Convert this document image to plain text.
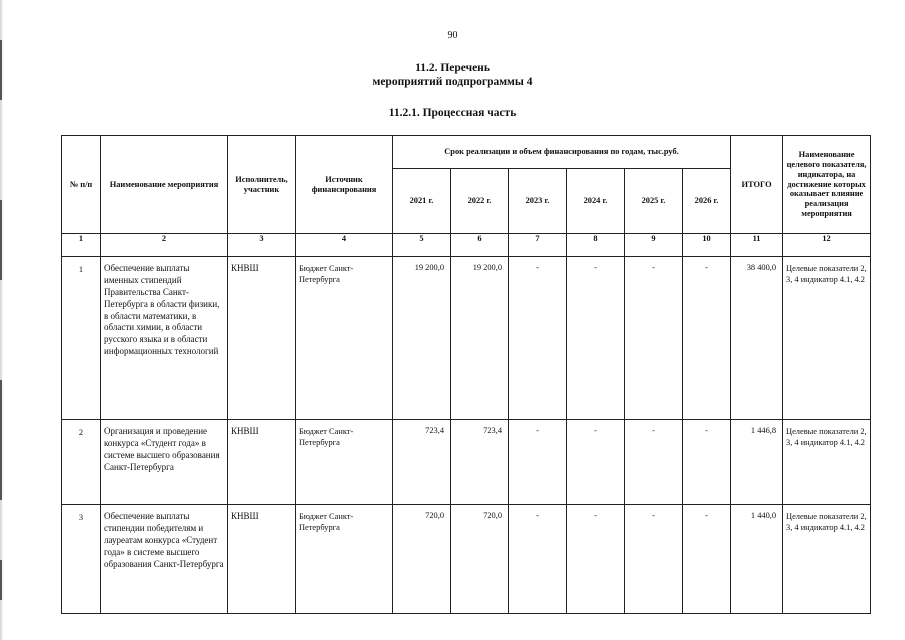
90
11.2. Перечень
мероприятий подпрограммы 4
11.2.1. Процессная часть
№ п/п	Наименование мероприятия	Исполнитель, участник	Источник финансирования	Срок реализации и объем финансирования по годам, тыс.руб.						ИТОГО	Наименование целевого показателя, индикатора, на достижение которых оказывает влияние реализация мероприятия
				2021 г.	2022 г.	2023 г.	2024 г.	2025 г.	2026 г.		
1	2	3	4	5	6	7	8	9	10	11	12
1	Обеспечение выплаты именных стипендий Правительства Санкт-Петербурга в области физики, в области математики, в области химии, в области русского языка и в области информационных технологий	КНВШ	Бюджет Санкт-Петербурга	19 200,0	19 200,0	-	-	-	-	38 400,0	Целевые показатели 2, 3, 4 индикатор 4.1, 4.2
2	Организация и проведение конкурса «Студент года» в системе высшего образования Санкт-Петербурга	КНВШ	Бюджет Санкт-Петербурга	723,4	723,4	-	-	-	-	1 446,8	Целевые показатели 2, 3, 4 индикатор 4.1, 4.2
3	Обеспечение выплаты стипендии победителям и лауреатам конкурса «Студент года» в системе высшего образования Санкт-Петербурга	КНВШ	Бюджет Санкт-Петербурга	720,0	720,0	-	-	-	-	1 440,0	Целевые показатели 2, 3, 4 индикатор 4.1, 4.2
